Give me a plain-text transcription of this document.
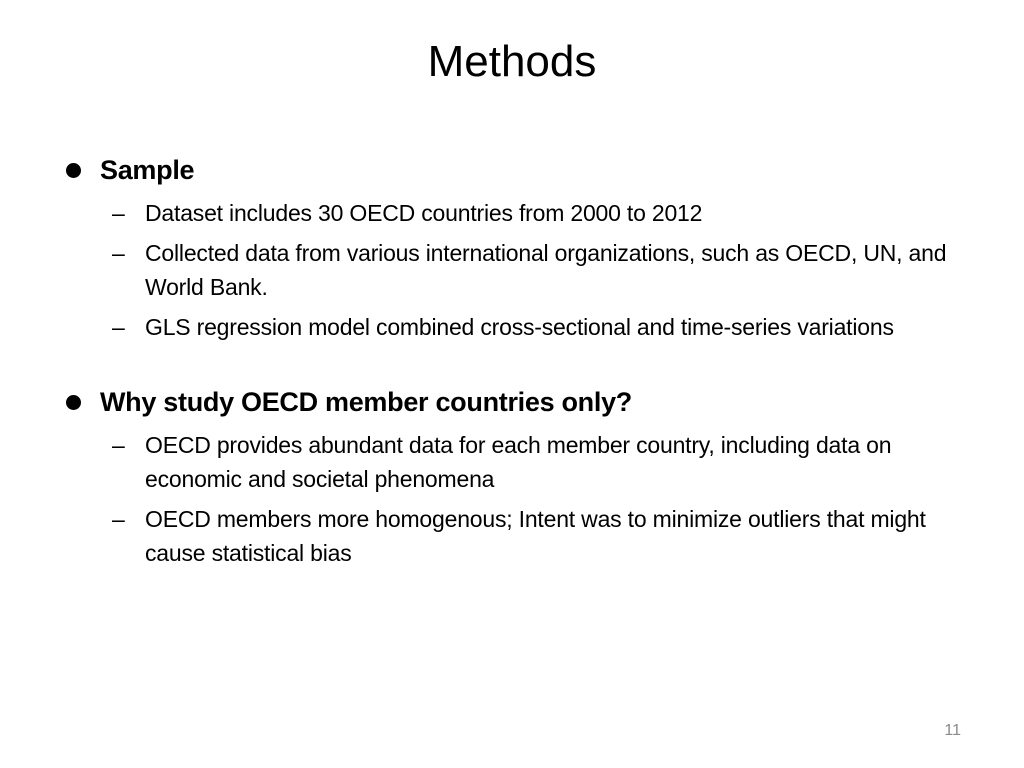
Methods
Sample
– Dataset includes 30 OECD countries from 2000 to 2012
– Collected data from various international organizations, such as OECD, UN, and World Bank.
– GLS regression model combined cross-sectional and time-series variations
Why study OECD member countries only?
– OECD provides abundant data for each member country, including data on economic and societal phenomena
– OECD members more homogenous; Intent was to minimize outliers that might cause statistical bias
11
